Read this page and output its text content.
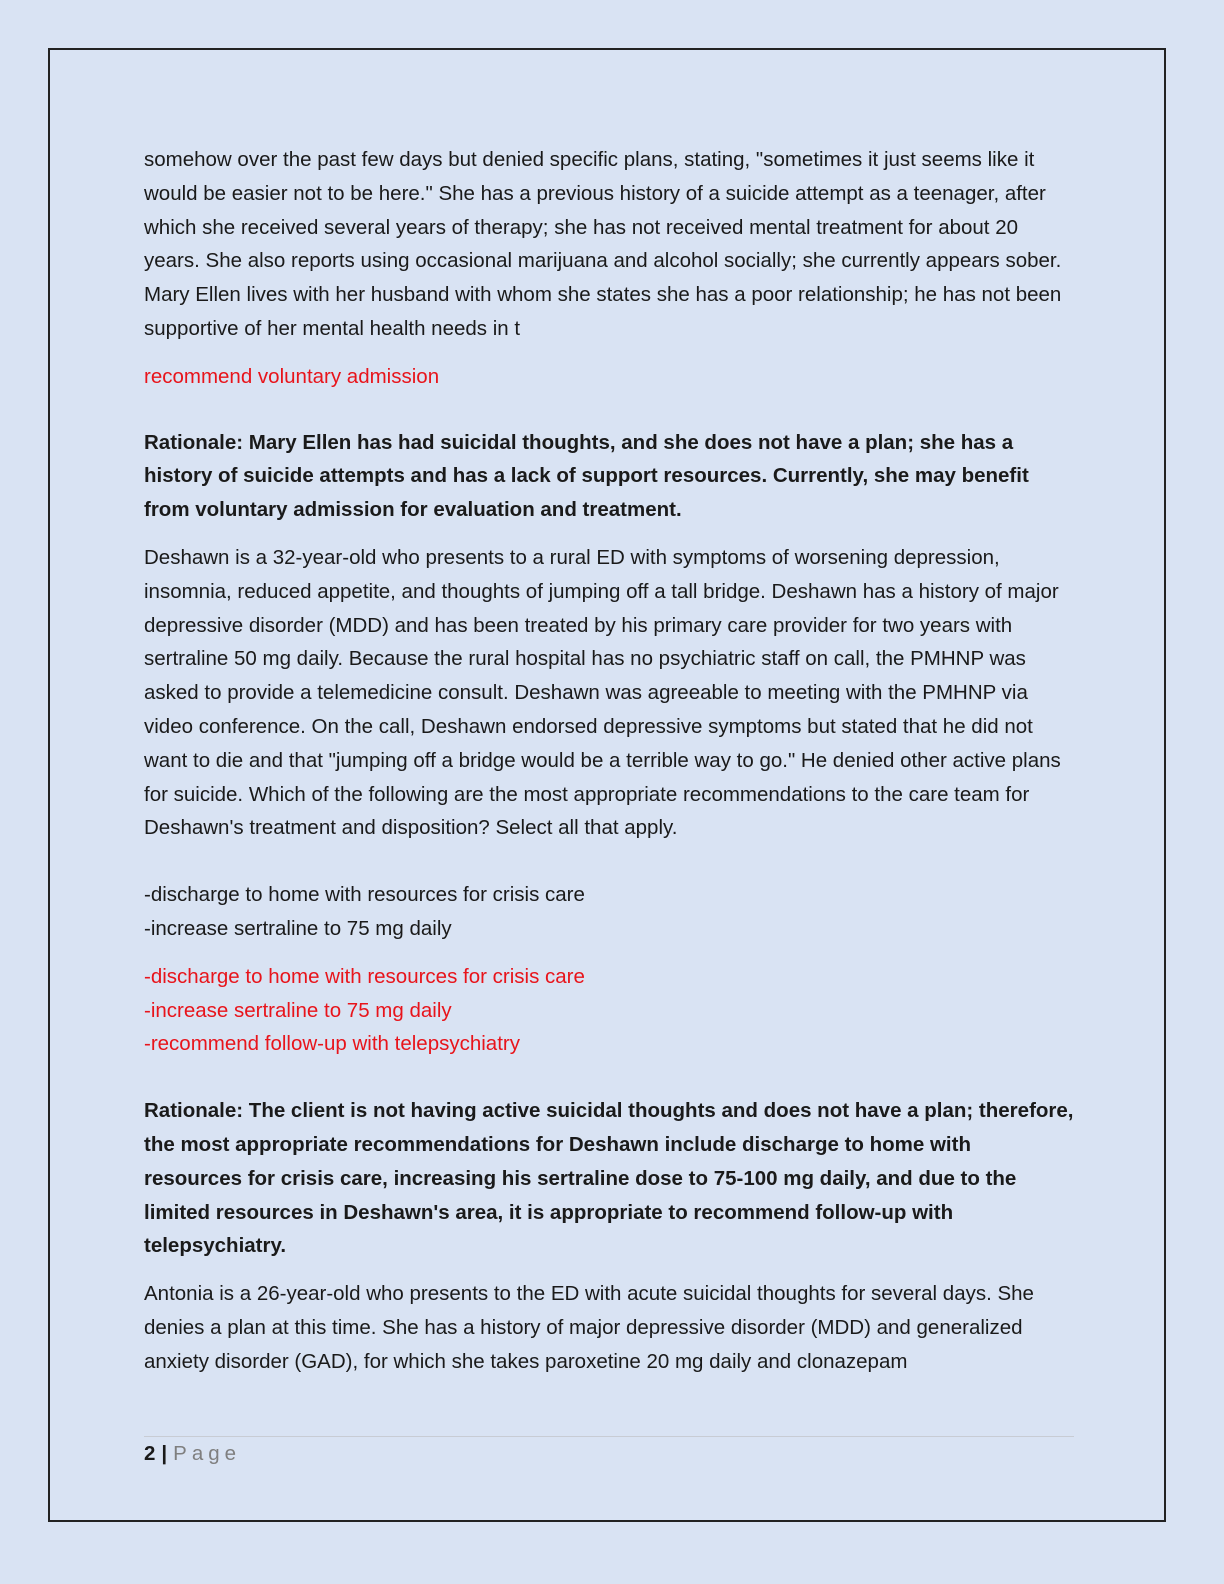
somehow over the past few days but denied specific plans, stating, "sometimes it just seems like it would be easier not to be here." She has a previous history of a suicide attempt as a teenager, after which she received several years of therapy; she has not received mental treatment for about 20 years. She also reports using occasional marijuana and alcohol socially; she currently appears sober. Mary Ellen lives with her husband with whom she states she has a poor relationship; he has not been supportive of her mental health needs in t

recommend voluntary admission

Rationale: Mary Ellen has had suicidal thoughts, and she does not have a plan; she has a history of suicide attempts and has a lack of support resources. Currently, she may benefit from voluntary admission for evaluation and treatment.

Deshawn is a 32-year-old who presents to a rural ED with symptoms of worsening depression, insomnia, reduced appetite, and thoughts of jumping off a tall bridge. Deshawn has a history of major depressive disorder (MDD) and has been treated by his primary care provider for two years with sertraline 50 mg daily. Because the rural hospital has no psychiatric staff on call, the PMHNP was asked to provide a telemedicine consult. Deshawn was agreeable to meeting with the PMHNP via video conference. On the call, Deshawn endorsed depressive symptoms but stated that he did not want to die and that "jumping off a bridge would be a terrible way to go." He denied other active plans for suicide. Which of the following are the most appropriate recommendations to the care team for Deshawn's treatment and disposition? Select all that apply.

-discharge to home with resources for crisis care

-increase sertraline to 75 mg daily

-discharge to home with resources for crisis care

-increase sertraline to 75 mg daily

-recommend follow-up with telepsychiatry

Rationale: The client is not having active suicidal thoughts and does not have a plan; therefore, the most appropriate recommendations for Deshawn include discharge to home with resources for crisis care, increasing his sertraline dose to 75-100 mg daily, and due to the limited resources in Deshawn's area, it is appropriate to recommend follow-up with telepsychiatry.

Antonia is a 26-year-old who presents to the ED with acute suicidal thoughts for several days. She denies a plan at this time. She has a history of major depressive disorder (MDD) and generalized anxiety disorder (GAD), for which she takes paroxetine 20 mg daily and clonazepam

2 | Page
